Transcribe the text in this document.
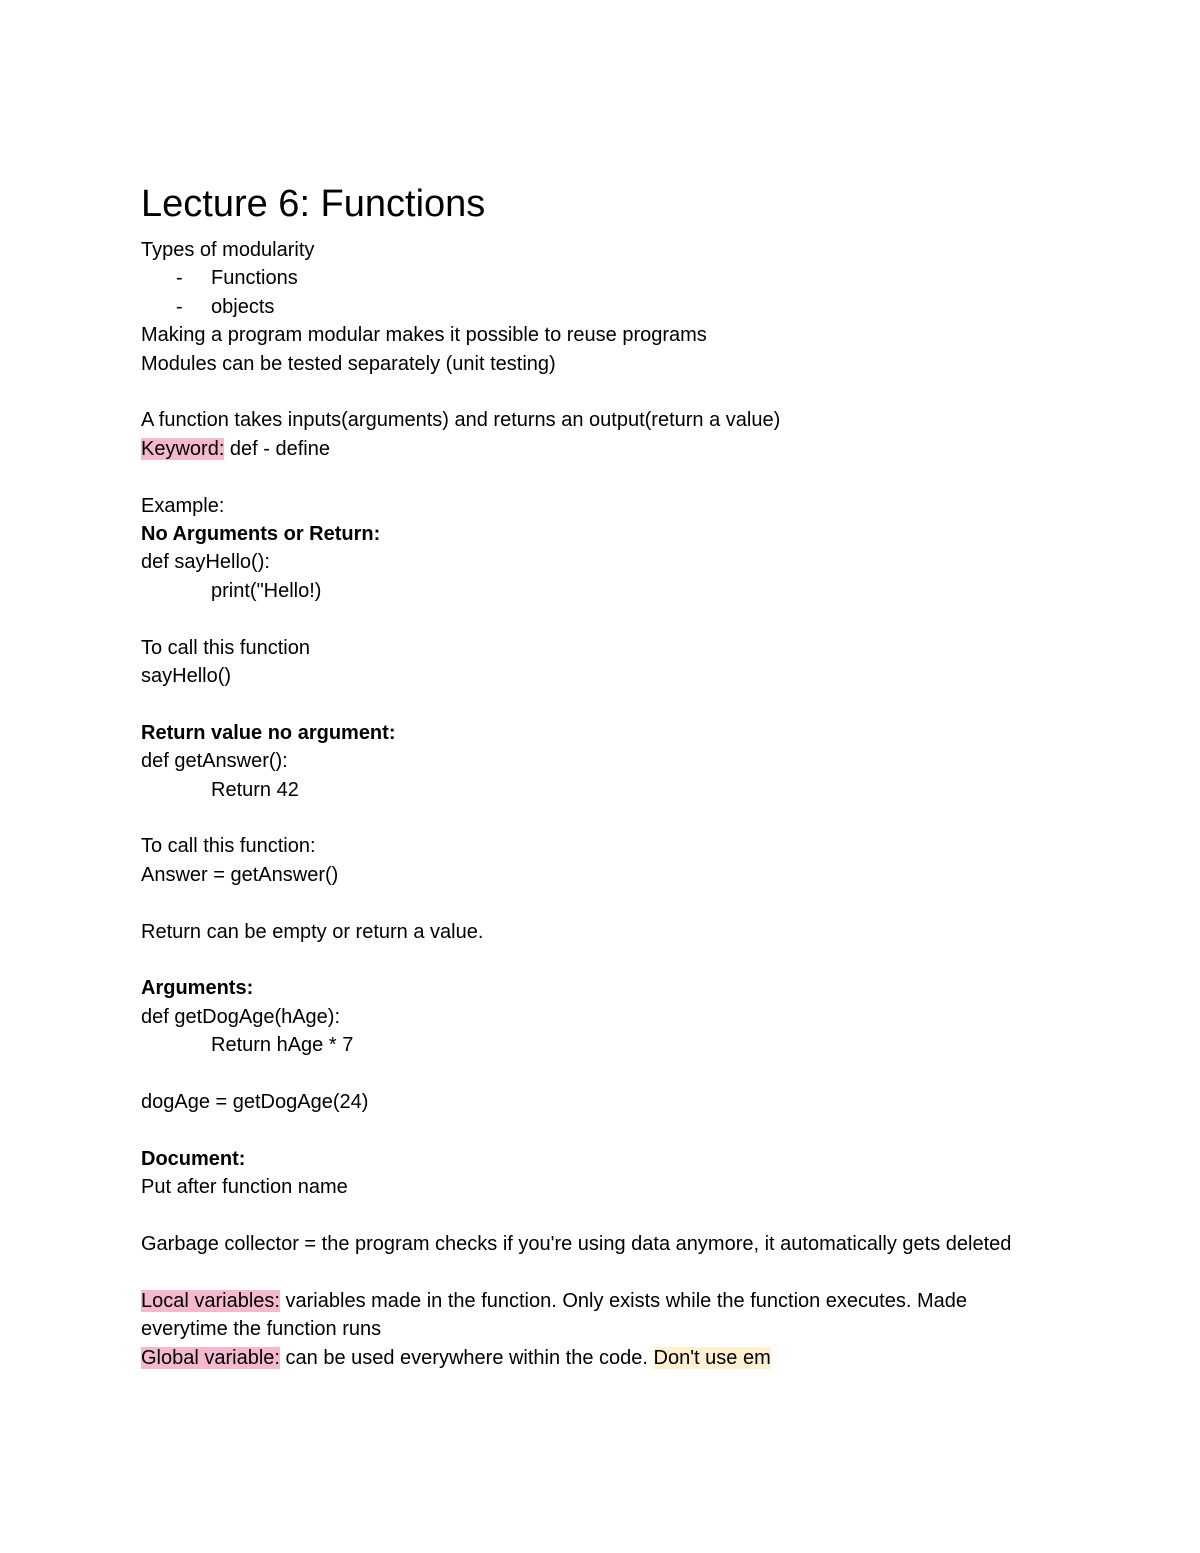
Lecture 6: Functions
Types of modularity
-	Functions
-	objects
Making a program modular makes it possible to reuse programs
Modules can be tested separately (unit testing)
A function takes inputs(arguments) and returns an output(return a value)
Keyword: def - define
Example:
No Arguments or Return:
def sayHello():
print("Hello!)
To call this function
sayHello()
Return value no argument:
def getAnswer():
Return 42
To call this function:
Answer = getAnswer()
Return can be empty or return a value.
Arguments:
def getDogAge(hAge):
Return hAge * 7
dogAge = getDogAge(24)
Document:
Put after function name
Garbage collector = the program checks if you're using data anymore, it automatically gets deleted
Local variables: variables made in the function. Only exists while the function executes. Made everytime the function runs
Global variable: can be used everywhere within the code. Don't use em
